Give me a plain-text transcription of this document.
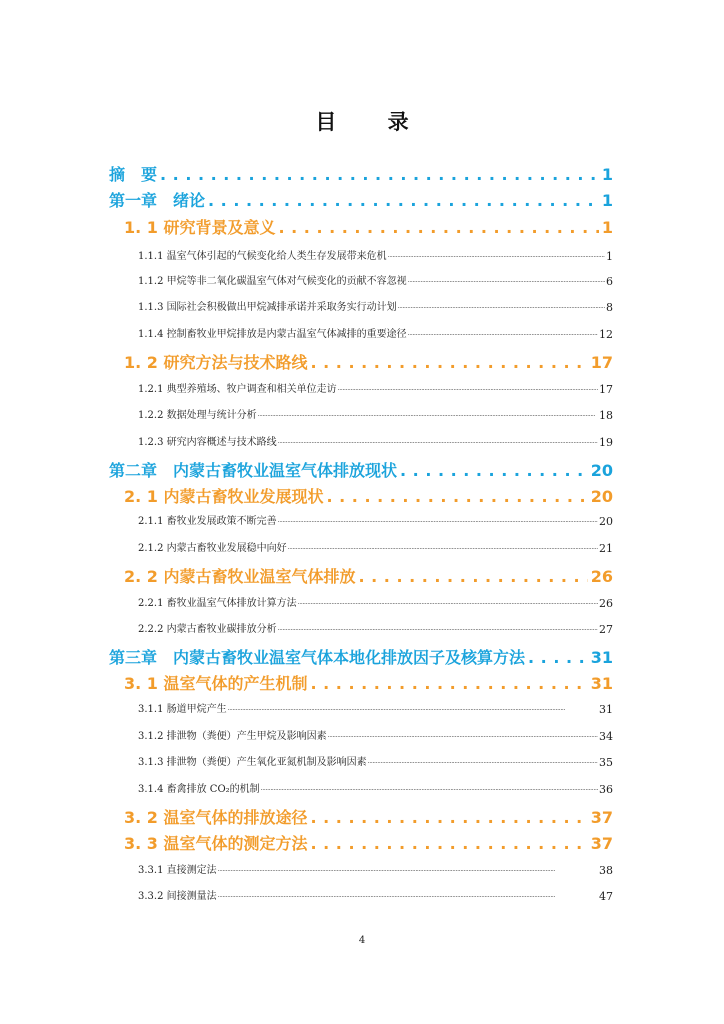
目 录
摘　要 . . .	1
第一章　绪论 . . .	1
1. 1 研究背景及意义 . . .	1
1.1.1 温室气体引起的气候变化给人类生存发展带来危机 .....	1
1.1.2 甲烷等非二氧化碳温室气体对气候变化的贡献不容忽视 .....	6
1.1.3 国际社会积极做出甲烷减排承诺并采取务实行动计划 .....	8
1.1.4 控制畜牧业甲烷排放是内蒙古温室气体减排的重要途径 .....	12
1. 2 研究方法与技术路线 . . .	17
1.2.1 典型养殖场、牧户调查和相关单位走访 .....	17
1.2.2 数据处理与统计分析 .....	18
1.2.3 研究内容概述与技术路线 .....	19
第二章　内蒙古畜牧业温室气体排放现状 . . .	20
2. 1 内蒙古畜牧业发展现状 . . .	20
2.1.1 畜牧业发展政策不断完善 .....	20
2.1.2 内蒙古畜牧业发展稳中向好 .....	21
2. 2 内蒙古畜牧业温室气体排放 . . .	26
2.2.1 畜牧业温室气体排放计算方法 .....	26
2.2.2 内蒙古畜牧业碳排放分析 .....	27
第三章　内蒙古畜牧业温室气体本地化排放因子及核算方法 . . .	31
3. 1 温室气体的产生机制 . . .	31
3.1.1 肠道甲烷产生 .....	31
3.1.2 排泄物（粪便）产生甲烷及影响因素 .....	34
3.1.3 排泄物（粪便）产生氧化亚氮机制及影响因素 .....	35
3.1.4 畜禽排放 CO₂的机制 .....	36
3. 2 温室气体的排放途径 . . .	37
3. 3 温室气体的测定方法 . . .	37
3.3.1 直接测定法 .....	38
3.3.2 间接测量法 .....	47
4
